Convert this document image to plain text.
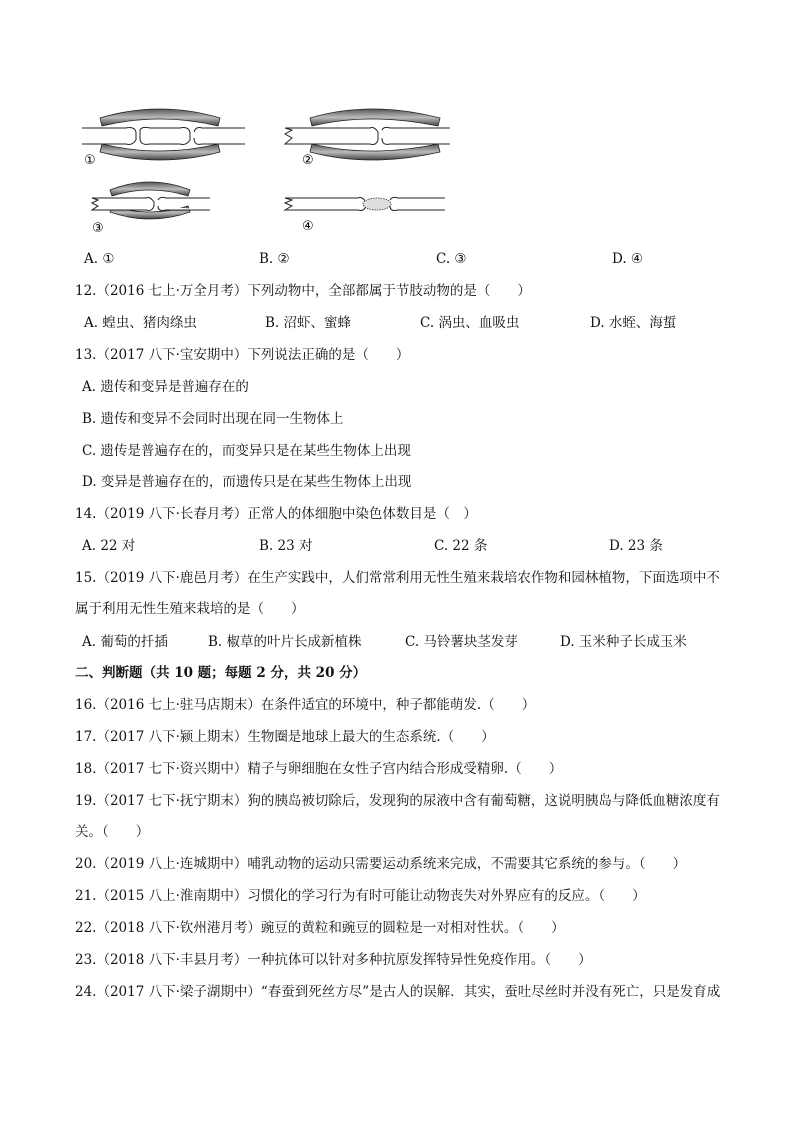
①	②
③	④
A. ①	B. ②	C. ③	D. ④
12.（2016 七上·万全月考）下列动物中，全部都属于节肢动物的是（　　）
A. 蝗虫、猪肉绦虫	B. 沼虾、蜜蜂	C. 涡虫、血吸虫	D. 水蛭、海蜇
13.（2017 八下·宝安期中）下列说法正确的是（　　）
A. 遗传和变异是普遍存在的
B. 遗传和变异不会同时出现在同一生物体上
C. 遗传是普遍存在的，而变异只是在某些生物体上出现
D. 变异是普遍存在的，而遗传只是在某些生物体上出现
14.（2019 八下·长春月考）正常人的体细胞中染色体数目是（　）
A. 22 对	B. 23 对	C. 22 条	D. 23 条
15.（2019 八下·鹿邑月考）在生产实践中，人们常常利用无性生殖来栽培农作物和园林植物，下面选项中不
属于利用无性生殖来栽培的是（　　）
A. 葡萄的扦插	B. 椒草的叶片长成新植株	C. 马铃薯块茎发芽	D. 玉米种子长成玉米
二、判断题（共 10 题；每题 2 分，共 20 分）
16.（2016 七上·驻马店期末）在条件适宜的环境中，种子都能萌发.（　　）
17.（2017 八下·颍上期末）生物圈是地球上最大的生态系统.（　　）
18.（2017 七下·资兴期中）精子与卵细胞在女性子宫内结合形成受精卵.（　　）
19.（2017 七下·抚宁期末）狗的胰岛被切除后，发现狗的尿液中含有葡萄糖，这说明胰岛与降低血糖浓度有
关。（　　）
20.（2019 八上·连城期中）哺乳动物的运动只需要运动系统来完成，不需要其它系统的参与。（　　）
21.（2015 八上·淮南期中）习惯化的学习行为有时可能让动物丧失对外界应有的反应。（　　）
22.（2018 八下·钦州港月考）豌豆的黄粒和豌豆的圆粒是一对相对性状。（　　）
23.（2018 八下·丰县月考）一种抗体可以针对多种抗原发挥特异性免疫作用。（　　）
24.（2017 八下·梁子湖期中）“春蚕到死丝方尽”是古人的误解．其实，蚕吐尽丝时并没有死亡，只是发育成
